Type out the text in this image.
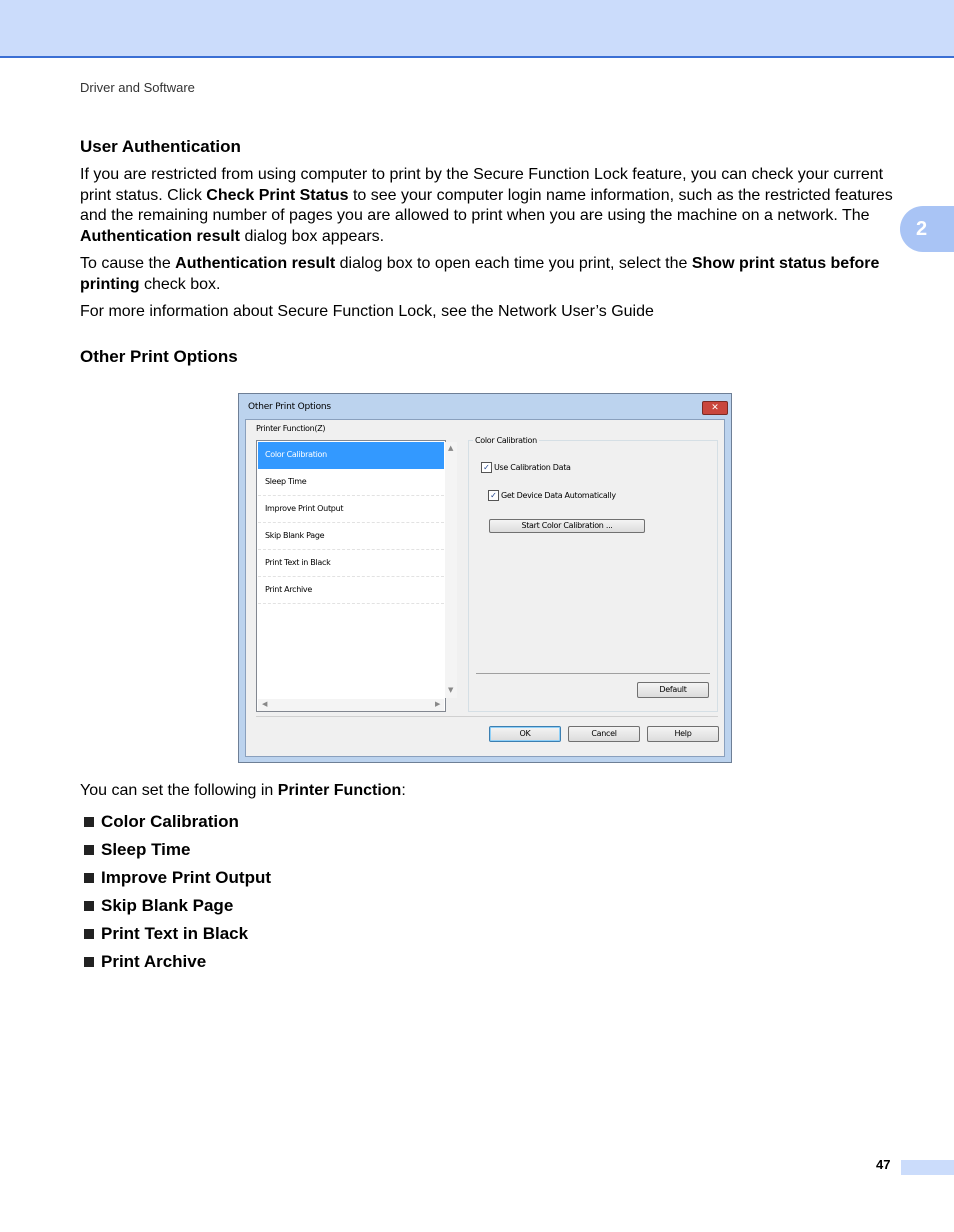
Driver and Software
2
User Authentication

If you are restricted from using computer to print by the Secure Function Lock feature, you can check your current print status. Click Check Print Status to see your computer login name information, such as the restricted features and the remaining number of pages you are allowed to print when you are using the machine on a network. The Authentication result dialog box appears.

To cause the Authentication result dialog box to open each time you print, select the Show print status before printing check box.

For more information about Secure Function Lock, see the Network User’s Guide

Other Print Options
Other Print Options	✕
Printer Function(Z)
Color Calibration
Sleep Time
Improve Print Output
Skip Blank Page
Print Text in Black
Print Archive
▲
▼
◀	▶
Color Calibration
✓ Use Calibration Data
✓ Get Device Data Automatically
Start Color Calibration ...
Default
OK	Cancel	Help

You can set the following in Printer Function:

Color Calibration
Sleep Time
Improve Print Output
Skip Blank Page
Print Text in Black
Print Archive
47
